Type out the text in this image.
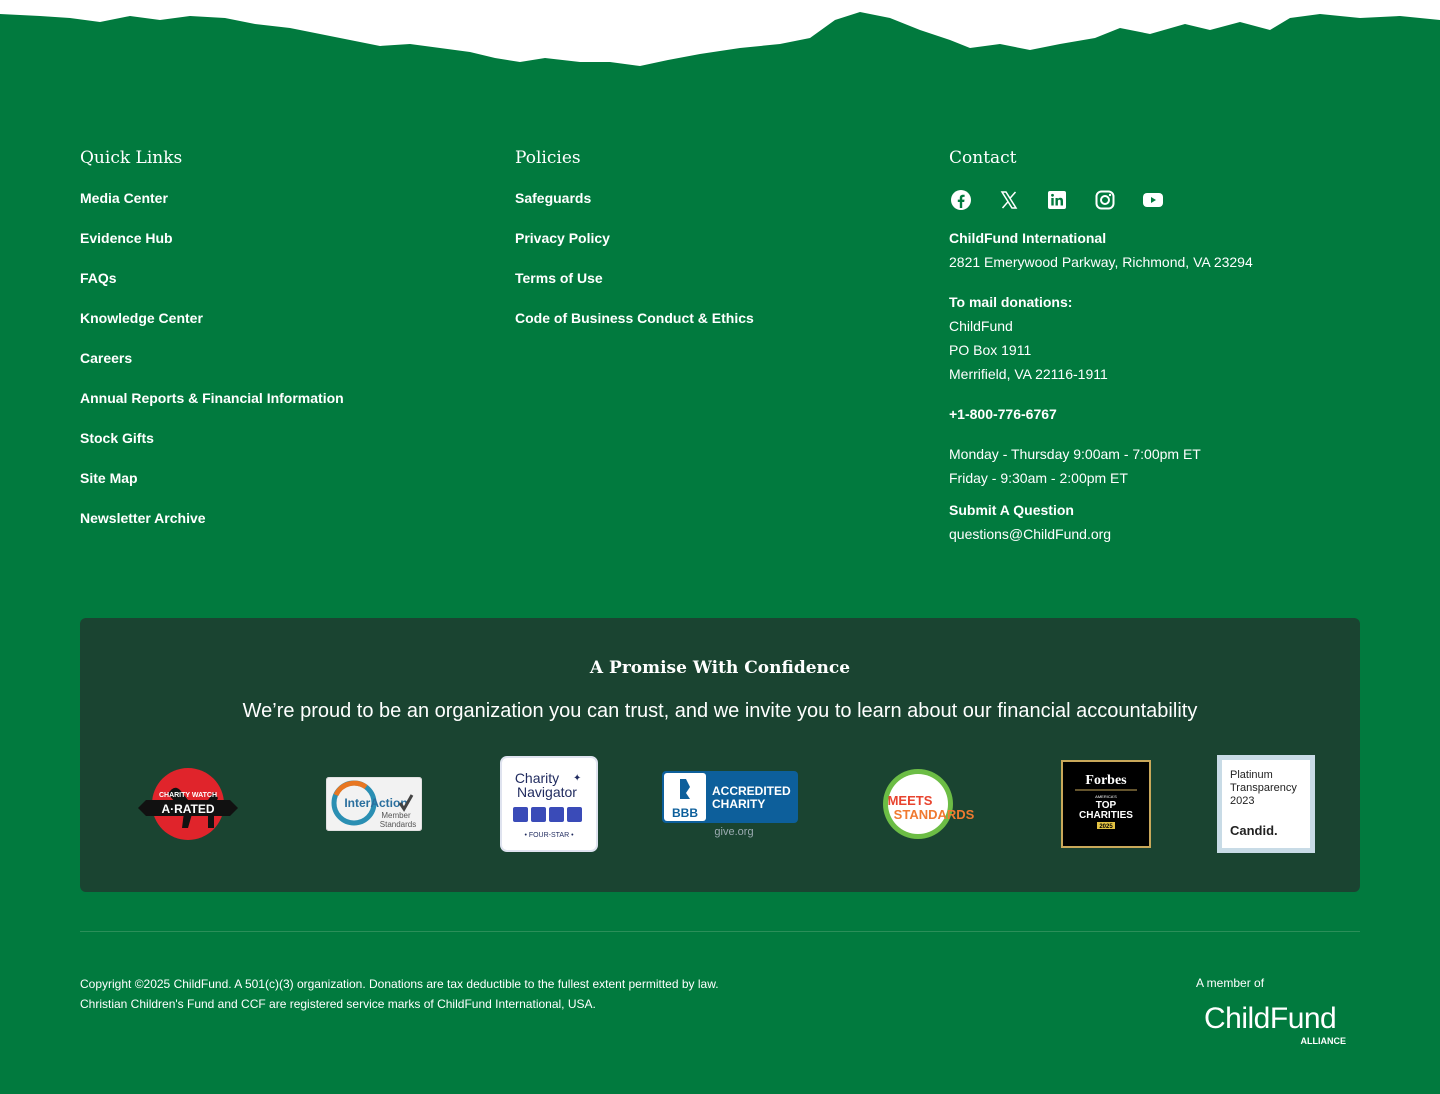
Quick Links
Media Center
Evidence Hub
FAQs
Knowledge Center
Careers
Annual Reports & Financial Information
Stock Gifts
Site Map
Newsletter Archive
Policies
Safeguards
Privacy Policy
Terms of Use
Code of Business Conduct & Ethics
Contact
ChildFund International
2821 Emerywood Parkway, Richmond, VA 23294
To mail donations:
ChildFund
PO Box 1911
Merrifield, VA 22116-1911
+1-800-776-6767
Monday - Thursday 9:00am - 7:00pm ET
Friday - 9:30am - 2:00pm ET
Submit A Question
questions@ChildFund.org
A Promise With Confidence

We’re proud to be an organization you can trust, and we invite you to learn about our financial accountability

CHARITY WATCH
A·RATED	InterAction
Member
Standards
Charity
Navigator
✦
• FOUR-STAR •
BBB
ACCREDITED
CHARITY
give.org
MEETS
STANDARDS
Forbes
AMERICA'S
TOP
CHARITIES
2025
Platinum
Transparency
2023
Candid.
Copyright ©2025 ChildFund. A 501(c)(3) organization. Donations are tax deductible to the fullest extent permitted by law.
Christian Children's Fund and CCF are registered service marks of ChildFund International, USA.
A member of
ChildFund
ALLIANCE
